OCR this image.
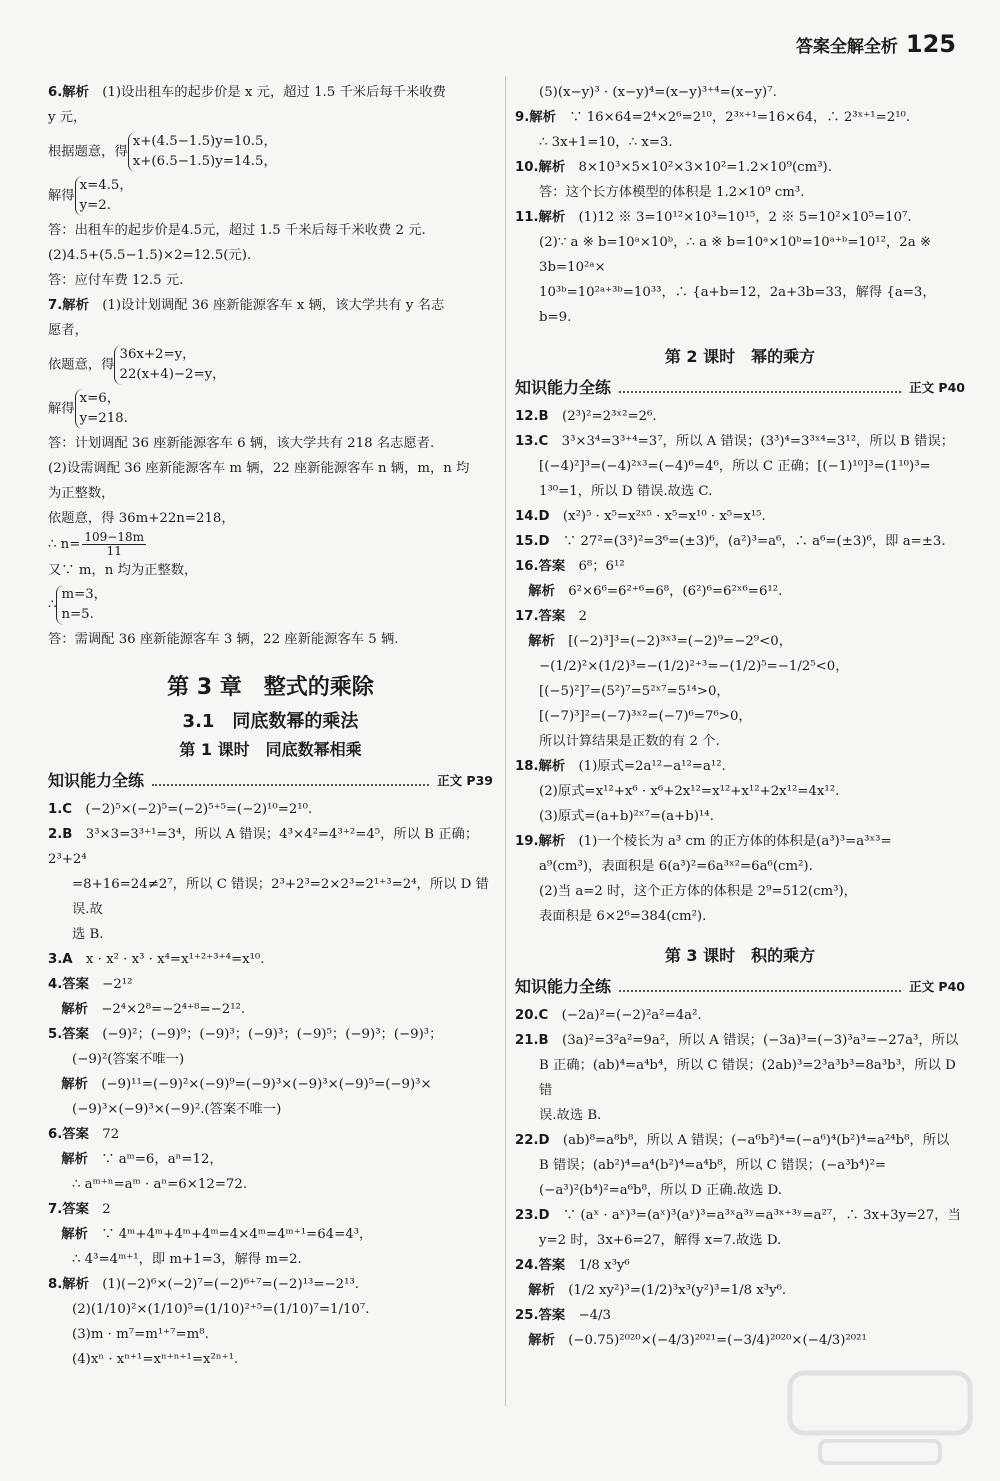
答案全解全析 125

6.解析　 (1)设出租车的起步价是 x 元，超过 1.5 千米后每千米收费

y 元，

根据题意，得x+(4.5−1.5)y=10.5，
x+(6.5−1.5)y=14.5，

解得x=4.5，
y=2.

答：出租车的起步价是4.5元，超过 1.5 千米后每千米收费 2 元.

(2)4.5+(5.5−1.5)×2=12.5(元).

答：应付车费 12.5 元.

7.解析　 (1)设计划调配 36 座新能源客车 x 辆，该大学共有 y 名志

愿者，

依题意，得36x+2=y，
22(x+4)−2=y，

解得x=6，
y=218.

答：计划调配 36 座新能源客车 6 辆，该大学共有 218 名志愿者.

(2)设需调配 36 座新能源客车 m 辆，22 座新能源客车 n 辆，m，n 均

为正整数，

依题意，得 36m+22n=218，

∴ $n= \frac{109-18m}{11}$

又∵ m，n 均为正整数，

∴m=3，
n=5.

答：需调配 36 座新能源客车 3 辆，22 座新能源客车 5 辆.

第 3 章　整式的乘除
3.1　同底数幂的乘法
第 1 课时　同底数幂相乘
知识能力全练	正文 P39

1.C　 (−2)⁵×(−2)⁵=(−2)⁵⁺⁵=(−2)¹⁰=2¹⁰.

2.B　 3³×3=3³⁺¹=3⁴，所以 A 错误；4³×4²=4³⁺²=4⁵，所以 B 正确；2³+2⁴

=8+16=24≠2⁷，所以 C 错误；2³+2³=2×2³=2¹⁺³=2⁴，所以 D 错误.故

选 B.

3.A　 x · x² · x³ · x⁴=x¹⁺²⁺³⁺⁴=x¹⁰.

4.答案　 −2¹²

　解析　 −2⁴×2⁸=−2⁴⁺⁸=−2¹².

5.答案　 (−9)²；(−9)⁹；(−9)³；(−9)³；(−9)⁵；(−9)³；(−9)³；

(−9)²(答案不唯一)

　解析　 (−9)¹¹=(−9)²×(−9)⁹=(−9)³×(−9)³×(−9)⁵=(−9)³×

(−9)³×(−9)³×(−9)².(答案不唯一)

6.答案　 72

　解析　 ∵ aᵐ=6，aⁿ=12，

∴ aᵐ⁺ⁿ=aᵐ · aⁿ=6×12=72.

7.答案　 2

　解析　 ∵ 4ᵐ+4ᵐ+4ᵐ+4ᵐ=4×4ᵐ=4ᵐ⁺¹=64=4³，

∴ 4³=4ᵐ⁺¹，即 m+1=3，解得 m=2.

8.解析　 (1)(−2)⁶×(−2)⁷=(−2)⁶⁺⁷=(−2)¹³=−2¹³.

(2)(1/10)²×(1/10)⁵=(1/10)²⁺⁵=(1/10)⁷=1/10⁷.

(3)m · m⁷=m¹⁺⁷=m⁸.

(4)xⁿ · xⁿ⁺¹=xⁿ⁺ⁿ⁺¹=x²ⁿ⁺¹.

(5)(x−y)³ · (x−y)⁴=(x−y)³⁺⁴=(x−y)⁷.

9.解析　 ∵ 16×64=2⁴×2⁶=2¹⁰，2³ˣ⁺¹=16×64，∴ 2³ˣ⁺¹=2¹⁰.

∴ 3x+1=10，∴ x=3.

10.解析　 8×10³×5×10²×3×10²=1.2×10⁹(cm³).

答：这个长方体模型的体积是 1.2×10⁹ cm³.

11.解析　 (1)12 ※ 3=10¹²×10³=10¹⁵，2 ※ 5=10²×10⁵=10⁷.

(2)∵ a ※ b=10ᵃ×10ᵇ，∴ a ※ b=10ᵃ×10ᵇ=10ᵃ⁺ᵇ=10¹²，2a ※ 3b=10²ᵃ×

10³ᵇ=10²ᵃ⁺³ᵇ=10³³，∴ {a+b=12，2a+3b=33，解得 {a=3，b=9.

第 2 课时　幂的乘方
知识能力全练	正文 P40

12.B　 (2³)²=2³ˣ²=2⁶.

13.C　 3³×3⁴=3³⁺⁴=3⁷，所以 A 错误；(3³)⁴=3³ˣ⁴=3¹²，所以 B 错误；

[(−4)²]³=(−4)²ˣ³=(−4)⁶=4⁶，所以 C 正确；[(−1)¹⁰]³=(1¹⁰)³=

1³⁰=1，所以 D 错误.故选 C.

14.D　 (x²)⁵ · x⁵=x²ˣ⁵ · x⁵=x¹⁰ · x⁵=x¹⁵.

15.D　 ∵ 27²=(3³)²=3⁶=(±3)⁶，(a²)³=a⁶，∴ a⁶=(±3)⁶，即 a=±3.

16.答案　 6⁸；6¹²

　解析　 6²×6⁶=6²⁺⁶=6⁸，(6²)⁶=6²ˣ⁶=6¹².

17.答案　 2

　解析　 [(−2)³]³=(−2)³ˣ³=(−2)⁹=−2⁹<0，

−(1/2)²×(1/2)³=−(1/2)²⁺³=−(1/2)⁵=−1/2⁵<0，

[(−5)²]⁷=(5²)⁷=5²ˣ⁷=5¹⁴>0，

[(−7)³]²=(−7)³ˣ²=(−7)⁶=7⁶>0，

所以计算结果是正数的有 2 个.

18.解析　 (1)原式=2a¹²−a¹²=a¹².

(2)原式=x¹²+x⁶ · x⁶+2x¹²=x¹²+x¹²+2x¹²=4x¹².

(3)原式=(a+b)²ˣ⁷=(a+b)¹⁴.

19.解析　 (1)一个棱长为 a³ cm 的正方体的体积是(a³)³=a³ˣ³=

a⁹(cm³)，表面积是 6(a³)²=6a³ˣ²=6a⁶(cm²).

(2)当 a=2 时，这个正方体的体积是 2⁹=512(cm³)，

表面积是 6×2⁶=384(cm²).

第 3 课时　积的乘方
知识能力全练	正文 P40

20.C　 (−2a)²=(−2)²a²=4a².

21.B　 (3a)²=3²a²=9a²，所以 A 错误；(−3a)³=(−3)³a³=−27a³，所以

B 正确；(ab)⁴=a⁴b⁴，所以 C 错误；(2ab)³=2³a³b³=8a³b³，所以 D 错

误.故选 B.

22.D　 (ab)⁸=a⁸b⁸，所以 A 错误；(−a⁶b²)⁴=(−a⁶)⁴(b²)⁴=a²⁴b⁸，所以

B 错误；(ab²)⁴=a⁴(b²)⁴=a⁴b⁸，所以 C 错误；(−a³b⁴)²=

(−a³)²(b⁴)²=a⁶b⁸，所以 D 正确.故选 D.

23.D　 ∵ (aˣ · aˣ)³=(aˣ)³(aʸ)³=a³ˣa³ʸ=a³ˣ⁺³ʸ=a²⁷，∴ 3x+3y=27，当

y=2 时，3x+6=27，解得 x=7.故选 D.

24.答案　 1/8 x³y⁶

　解析　 (1/2 xy²)³=(1/2)³x³(y²)³=1/8 x³y⁶.

25.答案　 −4/3

　解析　 (−0.75)²⁰²⁰×(−4/3)²⁰²¹=(−3/4)²⁰²⁰×(−4/3)²⁰²¹
